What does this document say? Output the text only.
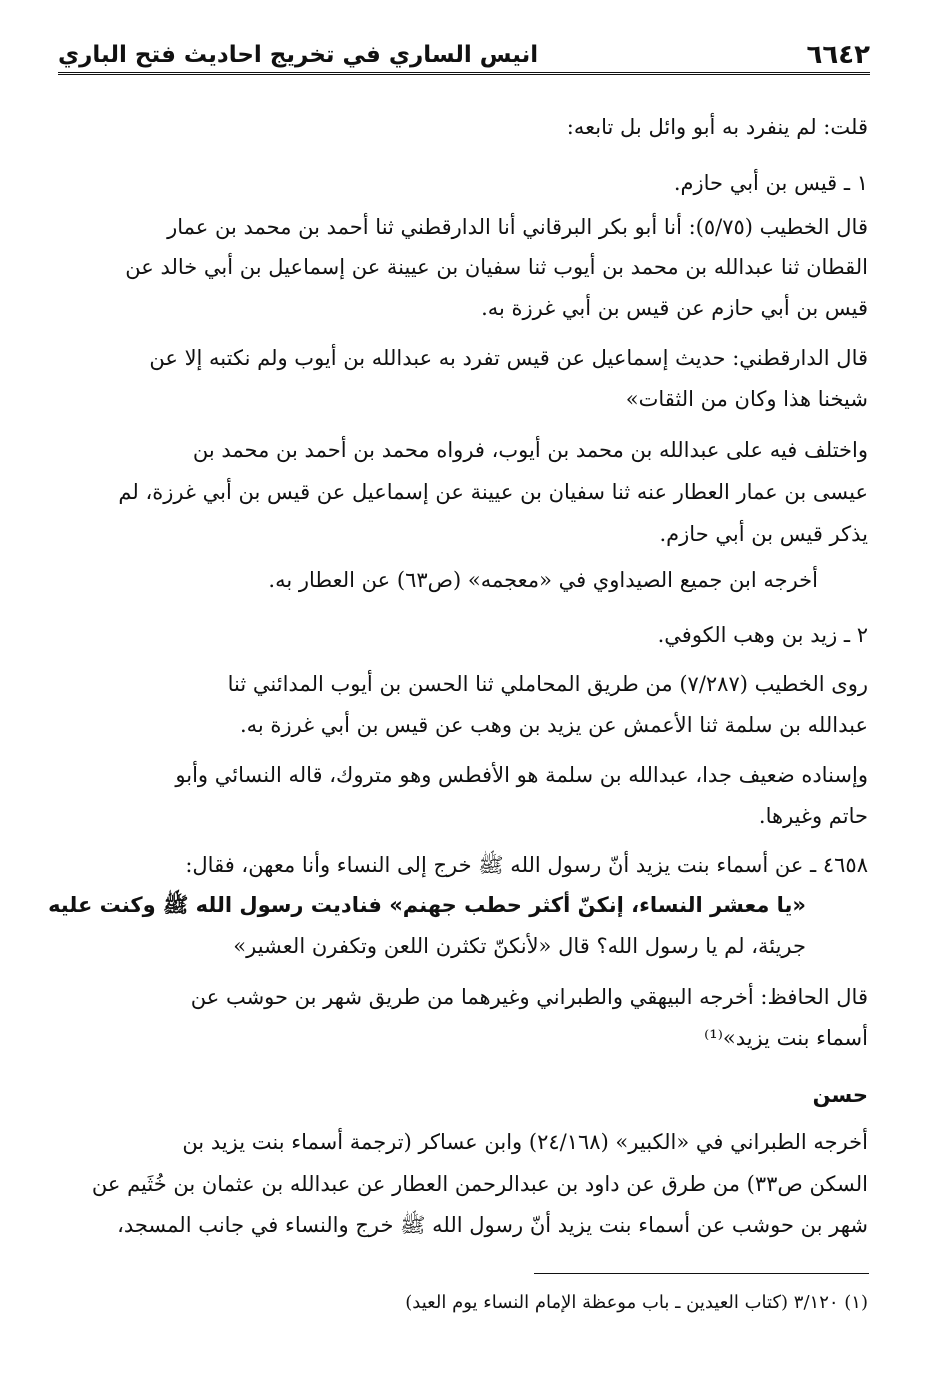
٦٦٤٢
انيس الساري في تخريج احاديث فتح الباري
قلت: لم ينفرد به أبو وائل بل تابعه:
١ ـ قيس بن أبي حازم.
قال الخطيب (٥/٧٥): أنا أبو بكر البرقاني أنا الدارقطني ثنا أحمد بن محمد بن عمار
القطان ثنا عبدالله بن محمد بن أيوب ثنا سفيان بن عيينة عن إسماعيل بن أبي خالد عن
قيس بن أبي حازم عن قيس بن أبي غرزة به.
قال الدارقطني: حديث إسماعيل عن قيس تفرد به عبدالله بن أيوب ولم نكتبه إلا عن
شيخنا هذا وكان من الثقات»
واختلف فيه على عبدالله بن محمد بن أيوب، فرواه محمد بن أحمد بن محمد بن
عيسى بن عمار العطار عنه ثنا سفيان بن عيينة عن إسماعيل عن قيس بن أبي غرزة، لم
يذكر قيس بن أبي حازم.
أخرجه ابن جميع الصيداوي في «معجمه» (ص٦٣) عن العطار به.
٢ ـ زيد بن وهب الكوفي.
روى الخطيب (٧/٢٨٧) من طريق المحاملي ثنا الحسن بن أيوب المدائني ثنا
عبدالله بن سلمة ثنا الأعمش عن يزيد بن وهب عن قيس بن أبي غرزة به.
وإسناده ضعيف جدا، عبدالله بن سلمة هو الأفطس وهو متروك، قاله النسائي وأبو
حاتم وغيرها.
٤٦٥٨ ـ عن أسماء بنت يزيد أنّ رسول الله ﷺ خرج إلى النساء وأنا معهن، فقال:
«يا معشر النساء، إنكنّ أكثر حطب جهنم» فناديت رسول الله ﷺ وكنت عليه
جريئة، لم يا رسول الله؟ قال «لأنكنّ تكثرن اللعن وتكفرن العشير»
قال الحافظ: أخرجه البيهقي والطبراني وغيرهما من طريق شهر بن حوشب عن
أسماء بنت يزيد»⁽¹⁾
حسن
أخرجه الطبراني في «الكبير» (٢٤/١٦٨) وابن عساكر (ترجمة أسماء بنت يزيد بن
السكن ص٣٣) من طرق عن داود بن عبدالرحمن العطار عن عبدالله بن عثمان بن خُثَيم عن
شهر بن حوشب عن أسماء بنت يزيد أنّ رسول الله ﷺ خرج والنساء في جانب المسجد،
(١) ٣/١٢٠ (كتاب العيدين ـ باب موعظة الإمام النساء يوم العيد)
